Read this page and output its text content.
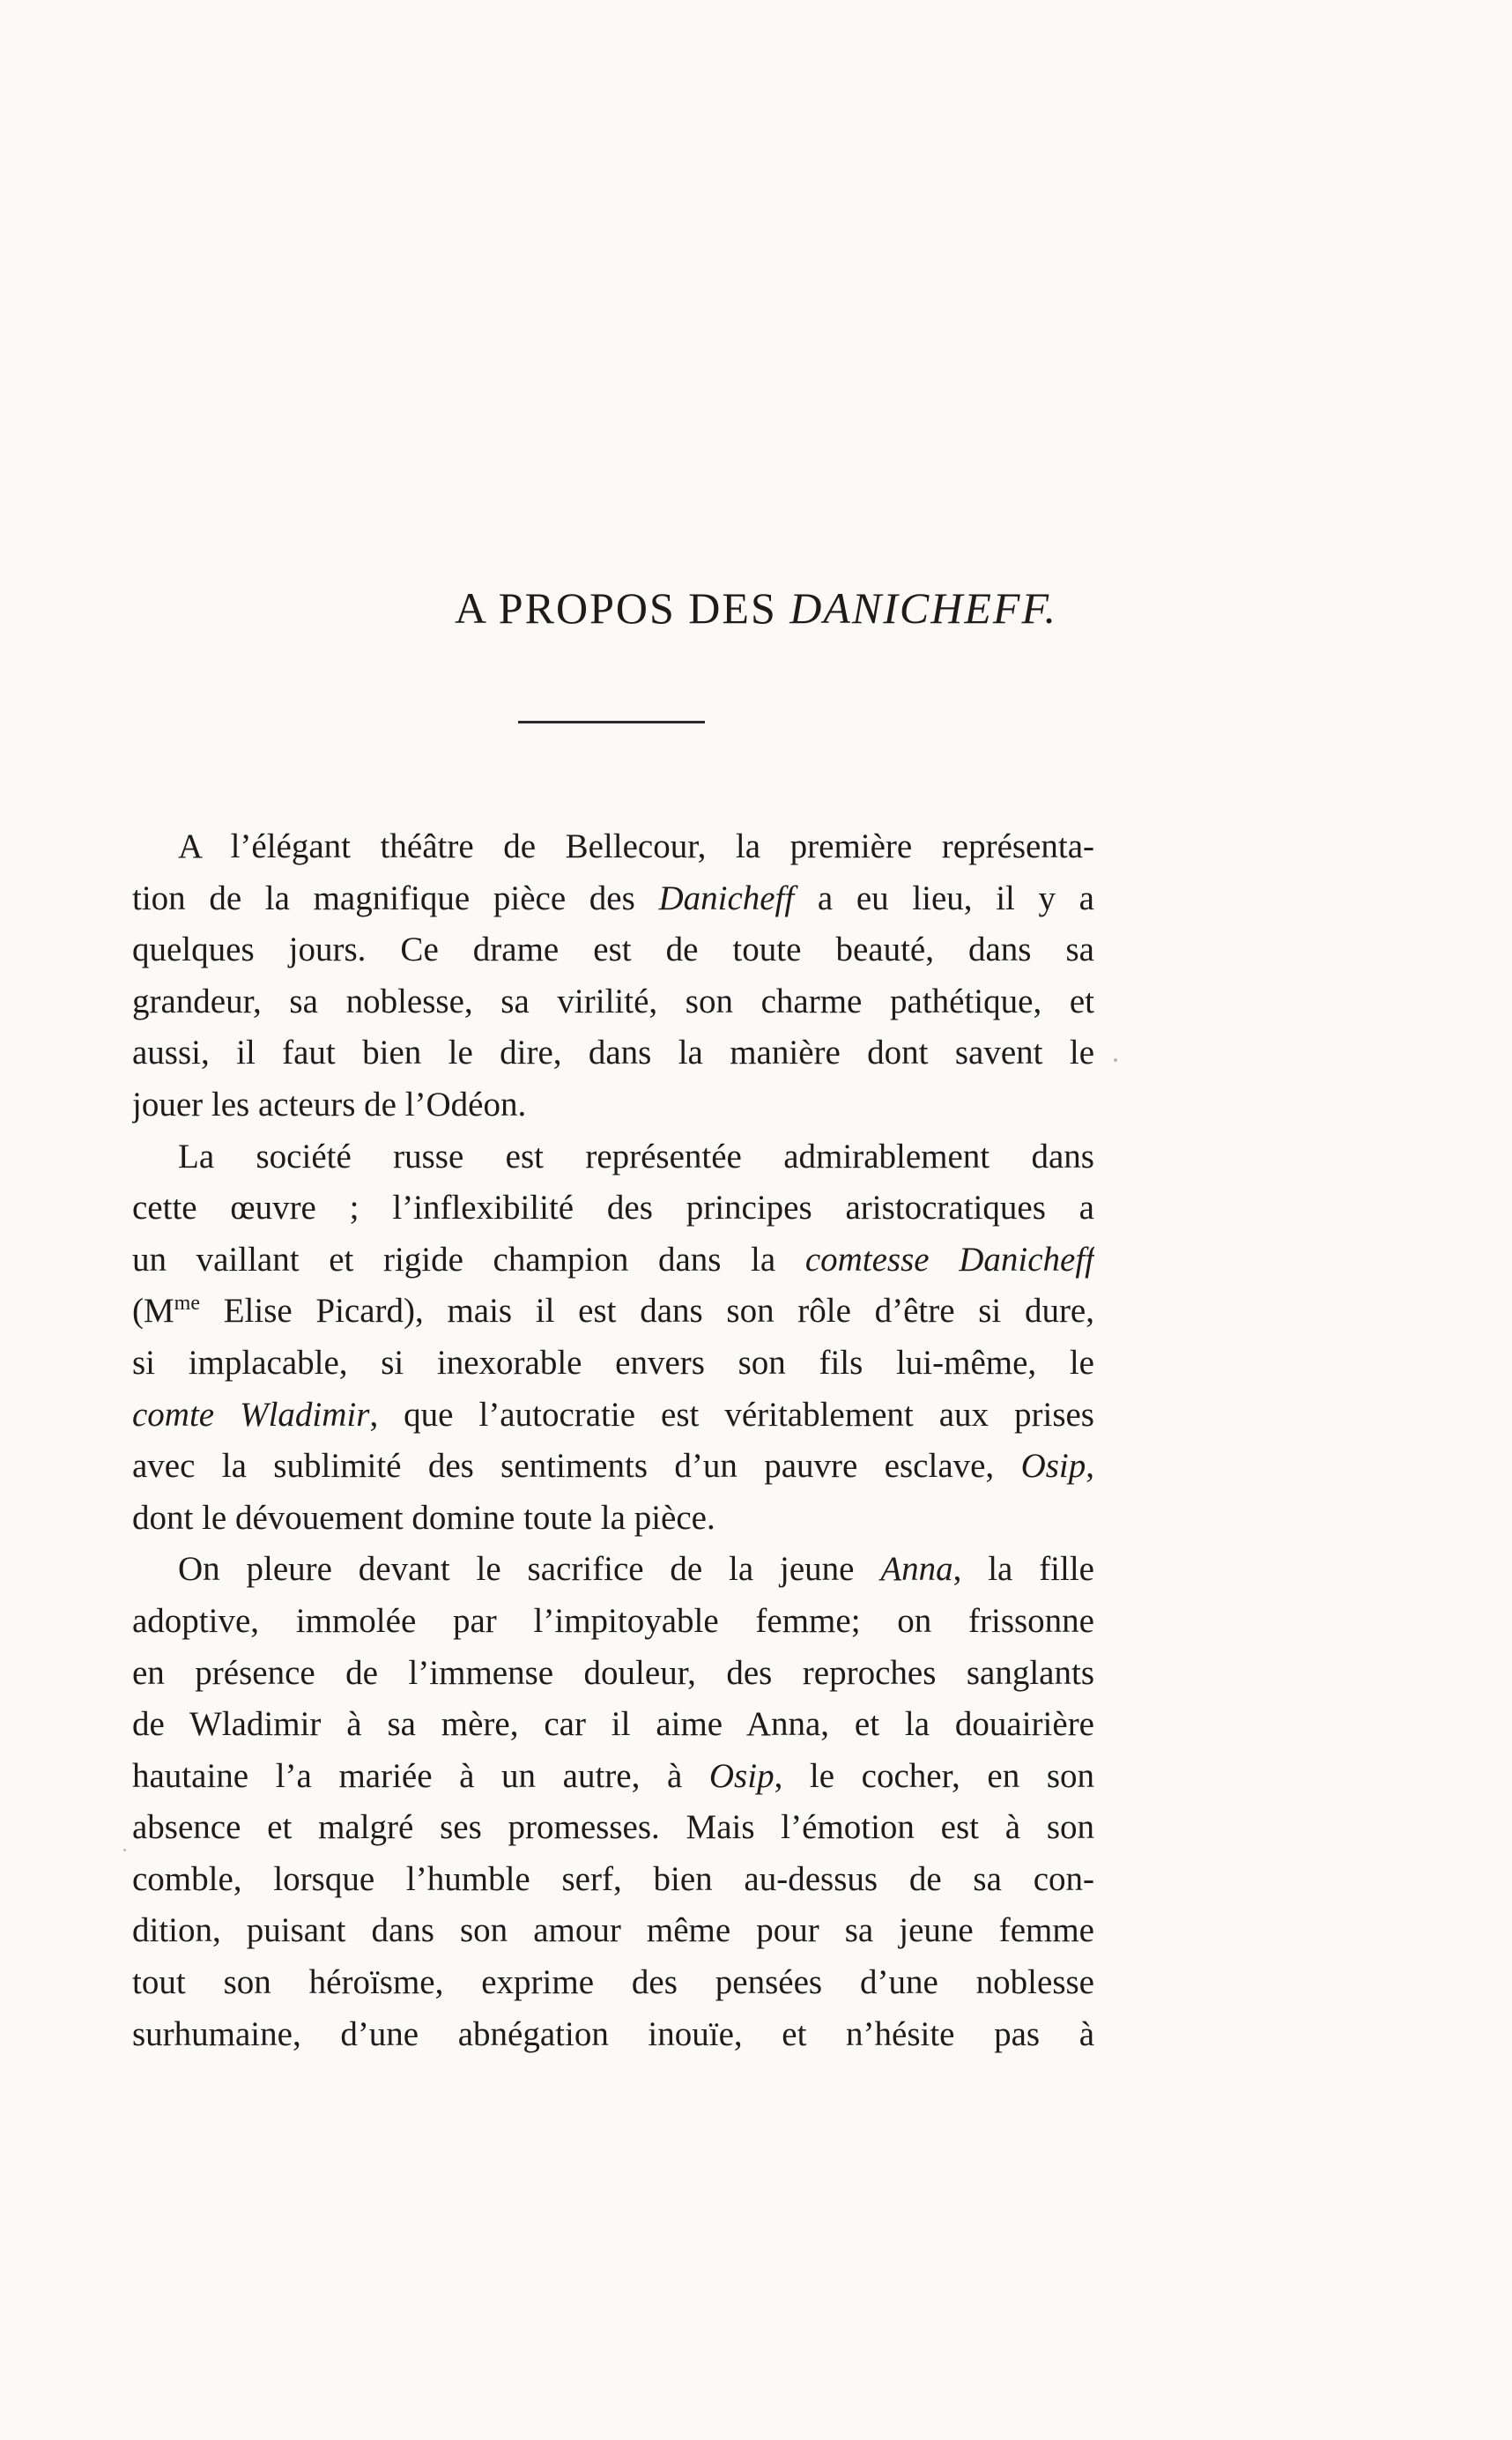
A PROPOS DES DANICHEFF.
A l’élégant théâtre de Bellecour, la première représenta-
tion de la magnifique pièce des Danicheff a eu lieu, il y a
quelques jours. Ce drame est de toute beauté, dans sa
grandeur, sa noblesse, sa virilité, son charme pathétique, et
aussi, il faut bien le dire, dans la manière dont savent le
jouer les acteurs de l’Odéon.
La société russe est représentée admirablement dans
cette œuvre ; l’inflexibilité des principes aristocratiques a
un vaillant et rigide champion dans la comtesse Danicheff
($M^{me}$ Elise Picard), mais il est dans son rôle d’être si dure,
si implacable, si inexorable envers son fils lui-même, le
comte Wladimir, que l’autocratie est véritablement aux prises
avec la sublimité des sentiments d’un pauvre esclave, Osip,
dont le dévouement domine toute la pièce.
On pleure devant le sacrifice de la jeune Anna, la fille
adoptive, immolée par l’impitoyable femme; on frissonne
en présence de l’immense douleur, des reproches sanglants
de Wladimir à sa mère, car il aime Anna, et la douairière
hautaine l’a mariée à un autre, à Osip, le cocher, en son
absence et malgré ses promesses. Mais l’émotion est à son
comble, lorsque l’humble serf, bien au-dessus de sa con-
dition, puisant dans son amour même pour sa jeune femme
tout son héroïsme, exprime des pensées d’une noblesse
surhumaine, d’une abnégation inouïe, et n’hésite pas à
